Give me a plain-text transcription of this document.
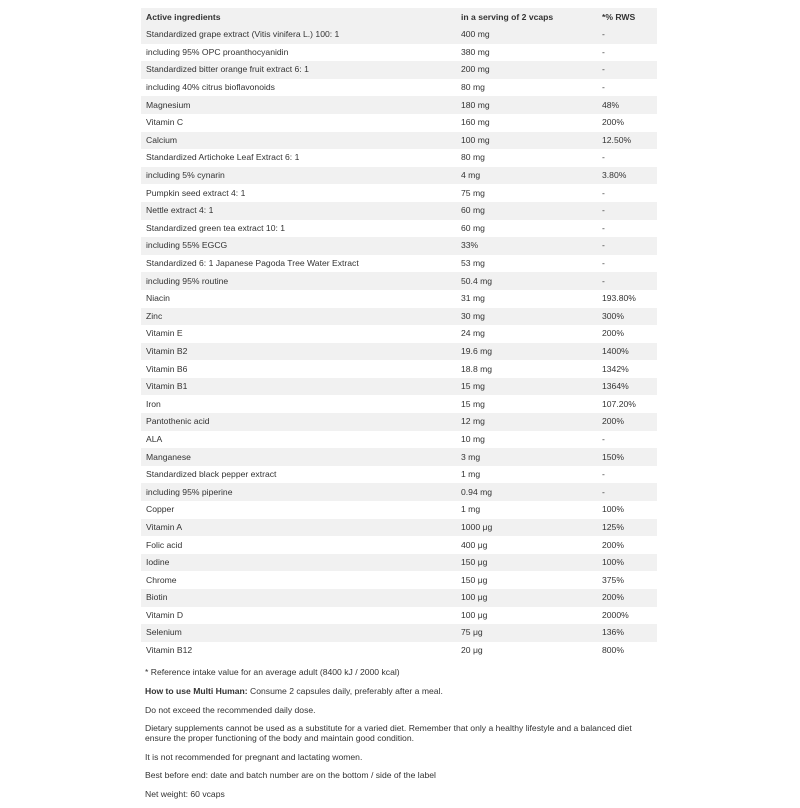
Active ingredients	in a serving of 2 vcaps	*% RWS
Standardized grape extract (Vitis vinifera L.) 100: 1	400 mg	-
including 95% OPC proanthocyanidin	380 mg	-
Standardized bitter orange fruit extract 6: 1	200 mg	-
including 40% citrus bioflavonoids	80 mg	-
Magnesium	180 mg	48%
Vitamin C	160 mg	200%
Calcium	100 mg	12.50%
Standardized Artichoke Leaf Extract 6: 1	80 mg	-
including 5% cynarin	4 mg	3.80%
Pumpkin seed extract 4: 1	75 mg	-
Nettle extract 4: 1	60 mg	-
Standardized green tea extract 10: 1	60 mg	-
including 55% EGCG	33%	-
Standardized 6: 1 Japanese Pagoda Tree Water Extract	53 mg	-
including 95% routine	50.4 mg	-
Niacin	31 mg	193.80%
Zinc	30 mg	300%
Vitamin E	24 mg	200%
Vitamin B2	19.6 mg	1400%
Vitamin B6	18.8 mg	1342%
Vitamin B1	15 mg	1364%
Iron	15 mg	107.20%
Pantothenic acid	12 mg	200%
ALA	10 mg	-
Manganese	3 mg	150%
Standardized black pepper extract	1 mg	-
including 95% piperine	0.94 mg	-
Copper	1 mg	100%
Vitamin A	1000 μg	125%
Folic acid	400 μg	200%
Iodine	150 μg	100%
Chrome	150 μg	375%
Biotin	100 μg	200%
Vitamin D	100 μg	2000%
Selenium	75 μg	136%
Vitamin B12	20 μg	800%

* Reference intake value for an average adult (8400 kJ / 2000 kcal)

How to use Multi Human: Consume 2 capsules daily, preferably after a meal.

Do not exceed the recommended daily dose.

Dietary supplements cannot be used as a substitute for a varied diet. Remember that only a healthy lifestyle and a balanced diet ensure the proper functioning of the body and maintain good condition.

It is not recommended for pregnant and lactating women.

Best before end: date and batch number are on the bottom / side of the label

Net weight: 60 vcaps
